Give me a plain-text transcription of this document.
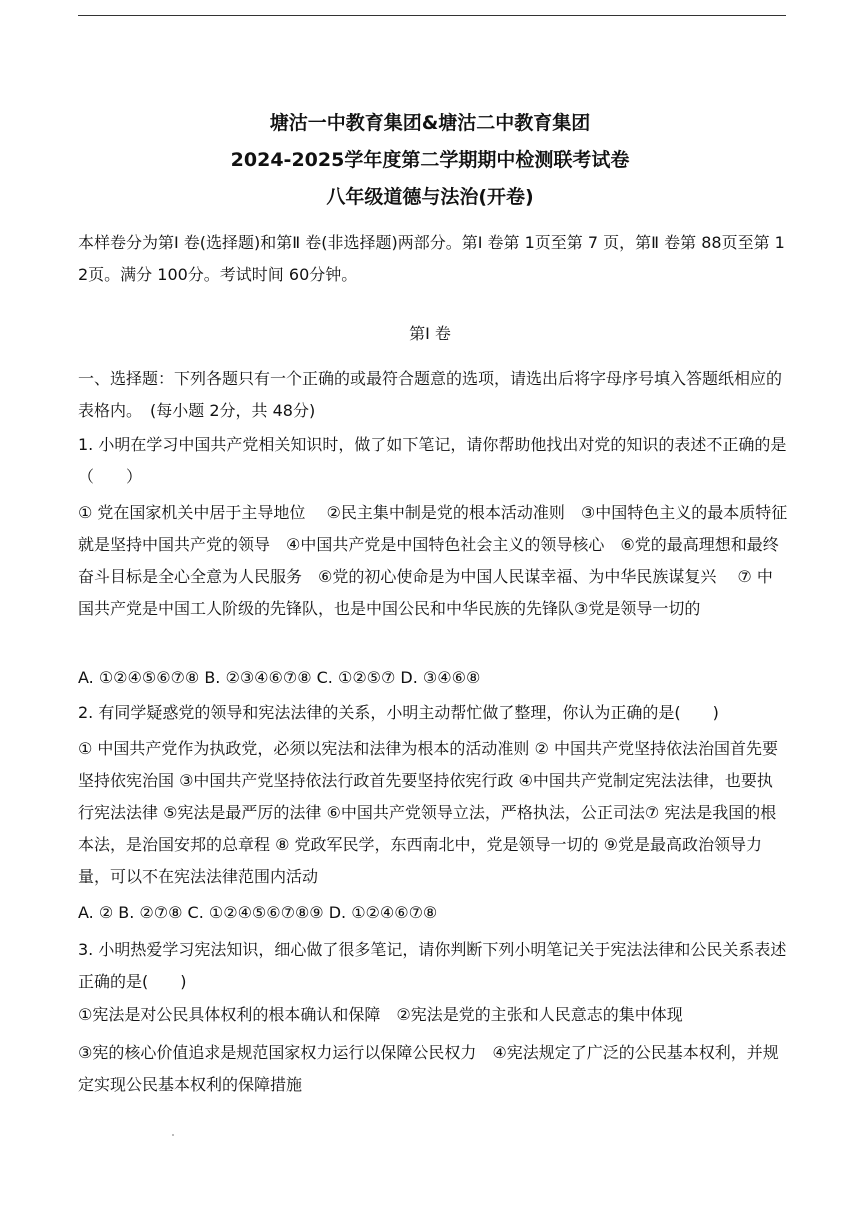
塘沽一中教育集团&塘沽二中教育集团
2024-2025学年度第二学期期中检测联考试卷
八年级道德与法治(开卷)
本样卷分为第Ⅰ 卷(选择题)和第Ⅱ 卷(非选择题)两部分。第Ⅰ 卷第 1页至第 7 页，第Ⅱ 卷第 88页至第 12页。满分 100分。考试时间 60分钟。
第Ⅰ 卷
一、选择题：下列各题只有一个正确的或最符合题意的选项，请选出后将字母序号填入答题纸相应的表格内。　(每小题 2分，共 48分)
1. 小明在学习中国共产党相关知识时，做了如下笔记，请你帮助他找出对党的知识的表述不正确的是（　　）
① 党在国家机关中居于主导地位　 ②民主集中制是党的根本活动准则　③中国特色主义的最本质特征就是坚持中国共产党的领导　④中国共产党是中国特色社会主义的领导核心　⑥党的最高理想和最终奋斗目标是全心全意为人民服务　⑥党的初心使命是为中国人民谋幸福、为中华民族谋复兴　 ⑦ 中国共产党是中国工人阶级的先锋队，也是中国公民和中华民族的先锋队③党是领导一切的
A. ①②④⑤⑥⑦⑧ B. ②③④⑥⑦⑧ C. ①②⑤⑦ D. ③④⑥⑧
2. 有同学疑惑党的领导和宪法法律的关系，小明主动帮忙做了整理，你认为正确的是(　　)
① 中国共产党作为执政党，必须以宪法和法律为根本的活动准则 ② 中国共产党坚持依法治国首先要坚持依宪治国 ③中国共产党坚持依法行政首先要坚持依宪行政 ④中国共产党制定宪法法律，也要执行宪法法律 ⑤宪法是最严厉的法律 ⑥中国共产党领导立法，严格执法，公正司法⑦ 宪法是我国的根本法，是治国安邦的总章程 ⑧ 党政军民学，东西南北中，党是领导一切的 ⑨党是最高政治领导力量，可以不在宪法法律范围内活动
A. ② B. ②⑦⑧ C. ①②④⑤⑥⑦⑧⑨ D. ①②④⑥⑦⑧
3. 小明热爱学习宪法知识，细心做了很多笔记，请你判断下列小明笔记关于宪法法律和公民关系表述正确的是(　　)
①宪法是对公民具体权利的根本确认和保障　②宪法是党的主张和人民意志的集中体现
③宪的核心价值追求是规范国家权力运行以保障公民权力　④宪法规定了广泛的公民基本权利，并规定实现公民基本权利的保障措施
